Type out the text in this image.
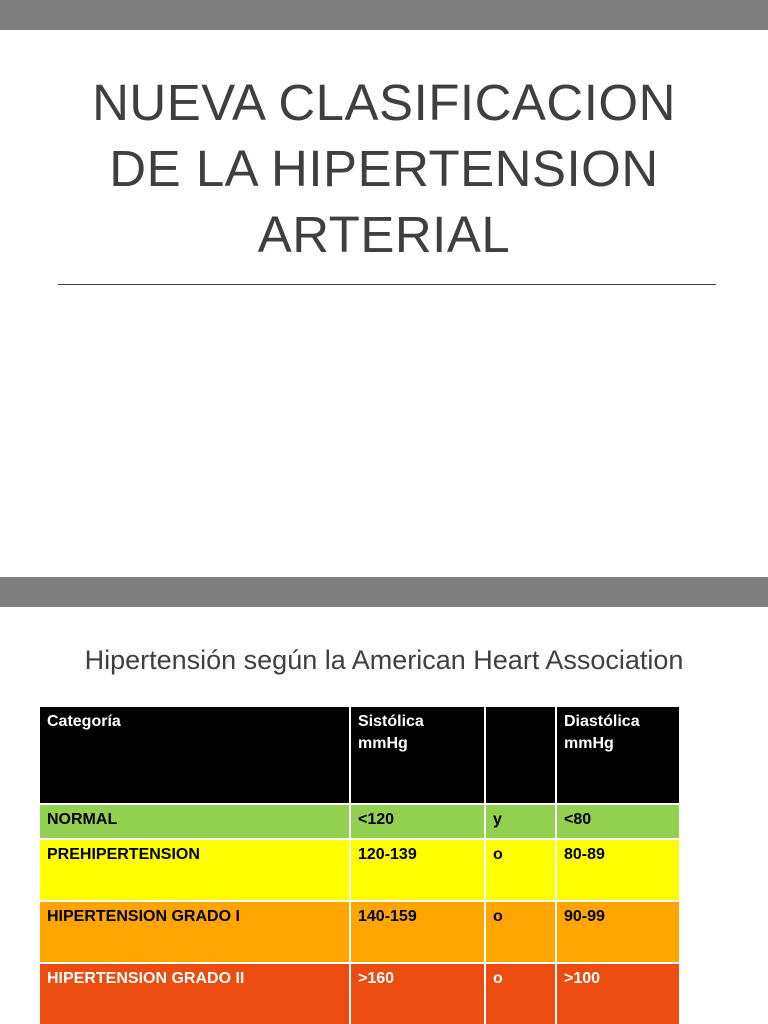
NUEVA CLASIFICACION
DE LA HIPERTENSION
ARTERIAL
Hipertensión según la American Heart Association
Categoría	Sistólica mmHg		Diastólica mmHg
NORMAL	<120	y	<80
PREHIPERTENSION	120-139	o	80-89
HIPERTENSION GRADO I	140-159	o	90-99
HIPERTENSION GRADO II	>160	o	>100
